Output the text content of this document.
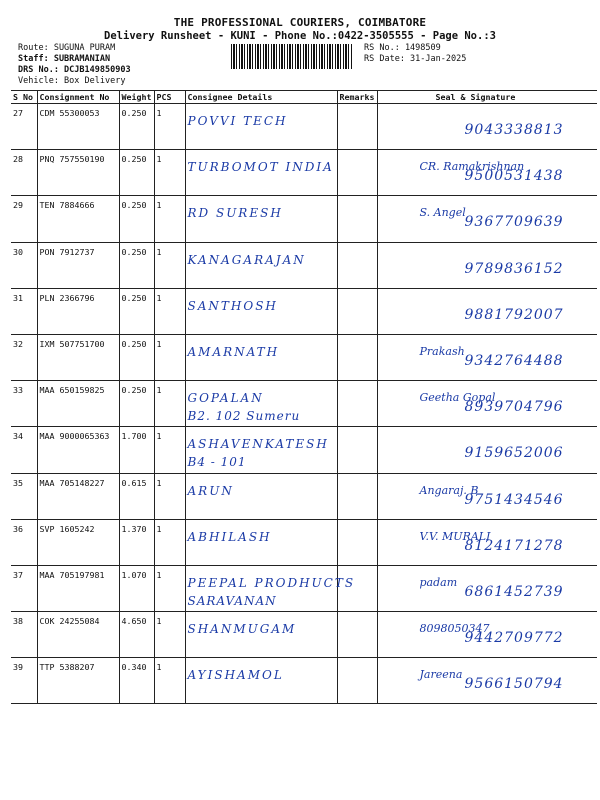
THE PROFESSIONAL COURIERS, COIMBATORE
Delivery Runsheet - KUNI - Phone No.:0422-3505555 - Page No.:3
Route: SUGUNA PURAM
Staff: SUBRAMANIAN
DRS No.: DCJB149850903
Vehicle: Box Delivery
RS No.: 1498509
RS Date: 31-Jan-2025
S No	Consignment No	Weight	PCS	Consignee Details	Remarks	Seal & Signature
27	CDM 55300053	0.250	1	POVVI TECH		9043338813

28	PNQ 757550190	0.250	1	TURBOMOT INDIA		CR. Ramakrishnan
9500531438

29	TEN 7884666	0.250	1	RD SURESH		S. Angel
9367709639

30	PON 7912737	0.250	1	KANAGARAJAN		9789836152

31	PLN 2366796	0.250	1	SANTHOSH		9881792007

32	IXM 507751700	0.250	1	AMARNATH		Prakash
9342764488

33	MAA 650159825	0.250	1	GOPALAN
B2. 102 Sumeru		Geetha Gopal
8939704796

34	MAA 9000065363	1.700	1	ASHAVENKATESH
B4 - 101		9159652006

35	MAA 705148227	0.615	1	ARUN		Angaraj. B
9751434546

36	SVP 1605242	1.370	1	ABHILASH		V.V. MURALI
8124171278

37	MAA 705197981	1.070	1	PEEPAL PRODHUCTS
SARAVANAN		padam
6861452739

38	COK 24255084	4.650	1	SHANMUGAM		8098050347
9442709772

39	TTP 5388207	0.340	1	AYISHAMOL		Jareena
9566150794
